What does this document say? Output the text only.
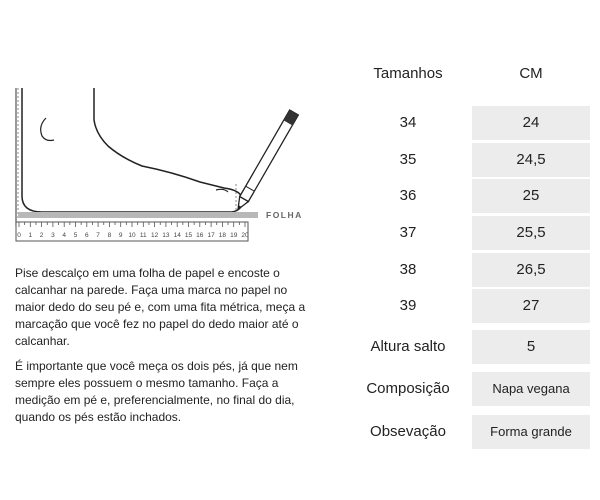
0 1 2 3 4 5 6 7 8 9 10 11 12 13 14 15 16 17 18 19 20
FOLHA

Pise descalço em uma folha de papel e encoste o calcanhar na parede. Faça uma marca no papel no maior dedo do seu pé e, com uma fita métrica, meça a marcação que você fez no papel do dedo maior até o calcanhar.

É importante que você meça os dois pés, já que nem sempre eles possuem o mesmo tamanho. Faça a medição em pé e, preferencialmente, no final do dia, quando os pés estão inchados.

Tamanhos	CM
34	24
35	24,5
36	25
37	25,5
38	26,5
39	27
Altura salto	5
Composição	Napa vegana
Obsevação	Forma grande
